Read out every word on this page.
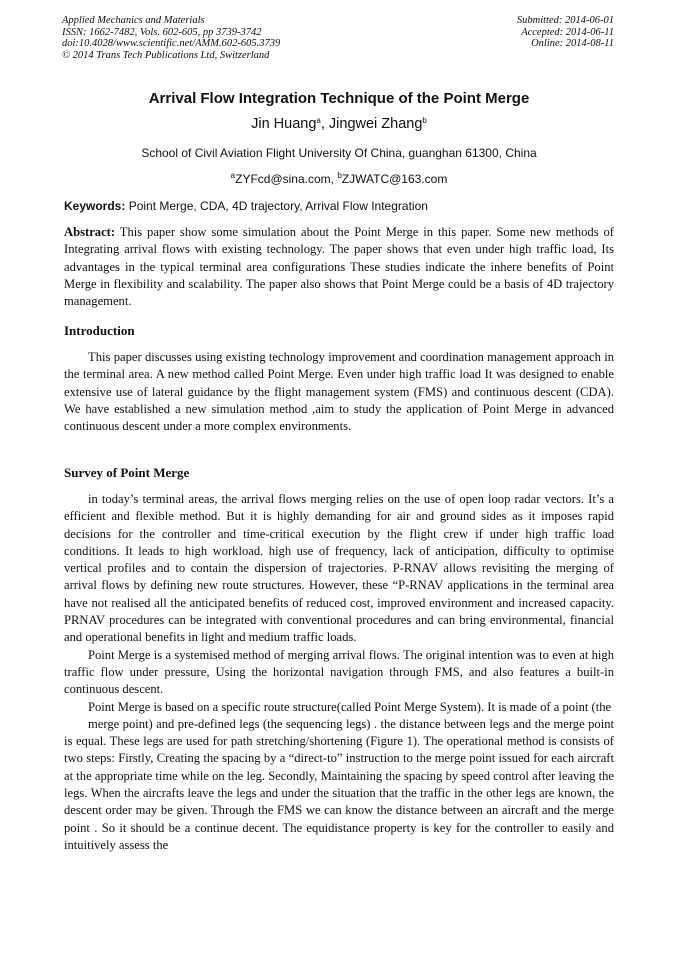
Applied Mechanics and Materials
ISSN: 1662-7482, Vols. 602-605, pp 3739-3742
doi:10.4028/www.scientific.net/AMM.602-605.3739
© 2014 Trans Tech Publications Ltd, Switzerland
Submitted: 2014-06-01
Accepted: 2014-06-11
Online: 2014-08-11
Arrival Flow Integration Technique of the Point Merge
Jin Huang$^a$, Jingwei Zhang$^b$
School of Civil Aviation Flight University Of China, guanghan 61300, China
$^a$ZYFcd@sina.com, $^b$ZJWATC@163.com
Keywords: Point Merge, CDA, 4D trajectory, Arrival Flow Integration

Abstract: This paper show some simulation about the Point Merge in this paper. Some new methods of Integrating arrival flows with existing technology. The paper shows that even under high traffic load, Its advantages in the typical terminal area configurations These studies indicate the inhere benefits of Point Merge in flexibility and scalability. The paper also shows that Point Merge could be a basis of 4D trajectory management.

Introduction

This paper discusses using existing technology improvement and coordination management approach in the terminal area. A new method called Point Merge. Even under high traffic load It was designed to enable extensive use of lateral guidance by the flight management system (FMS) and continuous descent (CDA). We have established a new simulation method ,aim to study the application of Point Merge in advanced continuous descent under a more complex environments.

Survey of Point Merge

in today’s terminal areas, the arrival flows merging relies on the use of open loop radar vectors. It’s a efficient and flexible method. But it is highly demanding for air and ground sides as it imposes rapid decisions for the controller and time-critical execution by the flight crew if under high traffic load conditions. It leads to high workload. high use of frequency, lack of anticipation, difficulty to optimise vertical profiles and to contain the dispersion of trajectories. P-RNAV allows revisiting the merging of arrival flows by defining new route structures. However, these “P-RNAV applications in the terminal area have not realised all the anticipated benefits of reduced cost, improved environment and increased capacity. PRNAV procedures can be integrated with conventional procedures and can bring environmental, financial and operational benefits in light and medium traffic loads.

Point Merge is a systemised method of merging arrival flows. The original intention was to even at high traffic flow under pressure, Using the horizontal navigation through FMS, and also features a built-in continuous descent.

Point Merge is based on a specific route structure(called Point Merge System). It is made of a point (the

merge point) and pre-defined legs (the sequencing legs) . the distance between legs and the merge point is equal. These legs are used for path stretching/shortening (Figure 1). The operational method is consists of two steps: Firstly, Creating the spacing by a “direct-to” instruction to the merge point issued for each aircraft at the appropriate time while on the leg. Secondly, Maintaining the spacing by speed control after leaving the legs. When the aircrafts leave the legs and under the situation that the traffic in the other legs are known, the descent order may be given. Through the FMS we can know the distance between an aircraft and the merge point . So it should be a continue decent. The equidistance property is key for the controller to easily and intuitively assess the
